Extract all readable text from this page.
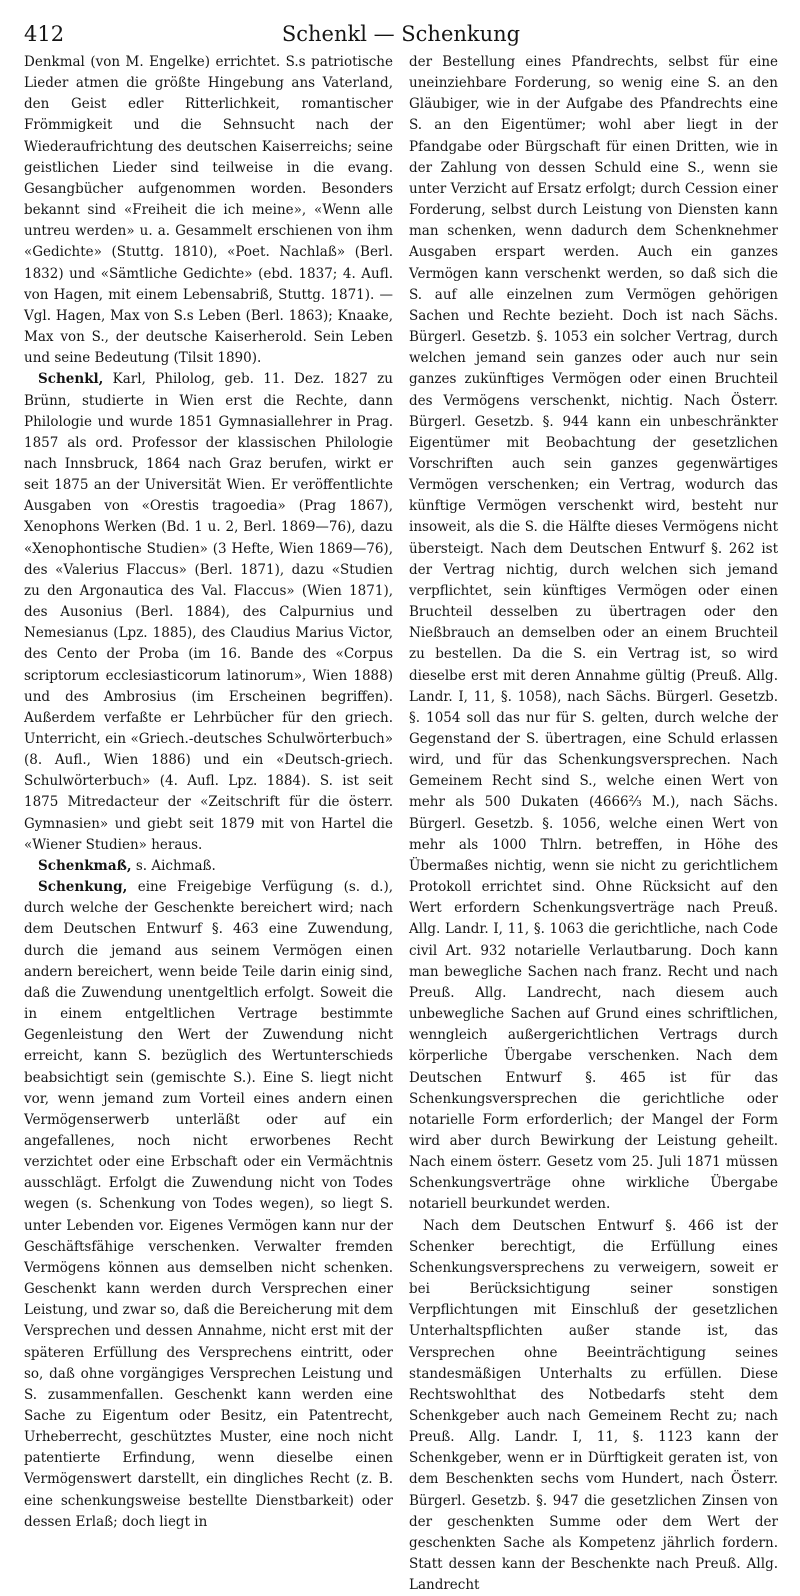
412	Schenkl — Schenkung

Denkmal (von M. Engelke) errichtet. S.s patriotische Lieder atmen die größte Hingebung ans Vaterland, den Geist edler Ritterlichkeit, romantischer Frömmigkeit und die Sehnsucht nach der Wiederaufrichtung des deutschen Kaiserreichs; seine geistlichen Lieder sind teilweise in die evang. Gesangbücher aufgenommen worden. Besonders bekannt sind «Freiheit die ich meine», «Wenn alle untreu werden» u. a. Gesammelt erschienen von ihm «Gedichte» (Stuttg. 1810), «Poet. Nachlaß» (Berl. 1832) und «Sämtliche Gedichte» (ebd. 1837; 4. Aufl. von Hagen, mit einem Lebensabriß, Stuttg. 1871). — Vgl. Hagen, Max von S.s Leben (Berl. 1863); Knaake, Max von S., der deutsche Kaiserherold. Sein Leben und seine Bedeutung (Tilsit 1890).

Schenkl, Karl, Philolog, geb. 11. Dez. 1827 zu Brünn, studierte in Wien erst die Rechte, dann Philologie und wurde 1851 Gymnasiallehrer in Prag. 1857 als ord. Professor der klassischen Philologie nach Innsbruck, 1864 nach Graz berufen, wirkt er seit 1875 an der Universität Wien. Er veröffentlichte Ausgaben von «Orestis tragoedia» (Prag 1867), Xenophons Werken (Bd. 1 u. 2, Berl. 1869—76), dazu «Xenophontische Studien» (3 Hefte, Wien 1869—76), des «Valerius Flaccus» (Berl. 1871), dazu «Studien zu den Argonautica des Val. Flaccus» (Wien 1871), des Ausonius (Berl. 1884), des Calpurnius und Nemesianus (Lpz. 1885), des Claudius Marius Victor, des Cento der Proba (im 16. Bande des «Corpus scriptorum ecclesiasticorum latinorum», Wien 1888) und des Ambrosius (im Erscheinen begriffen). Außerdem verfaßte er Lehrbücher für den griech. Unterricht, ein «Griech.-deutsches Schulwörterbuch» (8. Aufl., Wien 1886) und ein «Deutsch-griech. Schulwörterbuch» (4. Aufl. Lpz. 1884). S. ist seit 1875 Mitredacteur der «Zeitschrift für die österr. Gymnasien» und giebt seit 1879 mit von Hartel die «Wiener Studien» heraus.

Schenkmaß, s. Aichmaß.

Schenkung, eine Freigebige Verfügung (s. d.), durch welche der Geschenkte bereichert wird; nach dem Deutschen Entwurf §. 463 eine Zuwendung, durch die jemand aus seinem Vermögen einen andern bereichert, wenn beide Teile darin einig sind, daß die Zuwendung unentgeltlich erfolgt. Soweit die in einem entgeltlichen Vertrage bestimmte Gegenleistung den Wert der Zuwendung nicht erreicht, kann S. bezüglich des Wertunterschieds beabsichtigt sein (gemischte S.). Eine S. liegt nicht vor, wenn jemand zum Vorteil eines andern einen Vermögenserwerb unterläßt oder auf ein angefallenes, noch nicht erworbenes Recht verzichtet oder eine Erbschaft oder ein Vermächtnis ausschlägt. Erfolgt die Zuwendung nicht von Todes wegen (s. Schenkung von Todes wegen), so liegt S. unter Lebenden vor. Eigenes Vermögen kann nur der Geschäftsfähige verschenken. Verwalter fremden Vermögens können aus demselben nicht schenken. Geschenkt kann werden durch Versprechen einer Leistung, und zwar so, daß die Bereicherung mit dem Versprechen und dessen Annahme, nicht erst mit der späteren Erfüllung des Versprechens eintritt, oder so, daß ohne vorgängiges Versprechen Leistung und S. zusammenfallen. Geschenkt kann werden eine Sache zu Eigentum oder Besitz, ein Patentrecht, Urheberrecht, geschütztes Muster, eine noch nicht patentierte Erfindung, wenn dieselbe einen Vermögenswert darstellt, ein dingliches Recht (z. B. eine schenkungsweise bestellte Dienstbarkeit) oder dessen Erlaß; doch liegt in

der Bestellung eines Pfandrechts, selbst für eine uneinziehbare Forderung, so wenig eine S. an den Gläubiger, wie in der Aufgabe des Pfandrechts eine S. an den Eigentümer; wohl aber liegt in der Pfandgabe oder Bürgschaft für einen Dritten, wie in der Zahlung von dessen Schuld eine S., wenn sie unter Verzicht auf Ersatz erfolgt; durch Cession einer Forderung, selbst durch Leistung von Diensten kann man schenken, wenn dadurch dem Schenknehmer Ausgaben erspart werden. Auch ein ganzes Vermögen kann verschenkt werden, so daß sich die S. auf alle einzelnen zum Vermögen gehörigen Sachen und Rechte bezieht. Doch ist nach Sächs. Bürgerl. Gesetzb. §. 1053 ein solcher Vertrag, durch welchen jemand sein ganzes oder auch nur sein ganzes zukünftiges Vermögen oder einen Bruchteil des Vermögens verschenkt, nichtig. Nach Österr. Bürgerl. Gesetzb. §. 944 kann ein unbeschränkter Eigentümer mit Beobachtung der gesetzlichen Vorschriften auch sein ganzes gegenwärtiges Vermögen verschenken; ein Vertrag, wodurch das künftige Vermögen verschenkt wird, besteht nur insoweit, als die S. die Hälfte dieses Vermögens nicht übersteigt. Nach dem Deutschen Entwurf §. 262 ist der Vertrag nichtig, durch welchen sich jemand verpflichtet, sein künftiges Vermögen oder einen Bruchteil desselben zu übertragen oder den Nießbrauch an demselben oder an einem Bruchteil zu bestellen. Da die S. ein Vertrag ist, so wird dieselbe erst mit deren Annahme gültig (Preuß. Allg. Landr. I, 11, §. 1058), nach Sächs. Bürgerl. Gesetzb. §. 1054 soll das nur für S. gelten, durch welche der Gegenstand der S. übertragen, eine Schuld erlassen wird, und für das Schenkungsversprechen. Nach Gemeinem Recht sind S., welche einen Wert von mehr als 500 Dukaten (4666⅔ M.), nach Sächs. Bürgerl. Gesetzb. §. 1056, welche einen Wert von mehr als 1000 Thlrn. betreffen, in Höhe des Übermaßes nichtig, wenn sie nicht zu gerichtlichem Protokoll errichtet sind. Ohne Rücksicht auf den Wert erfordern Schenkungsverträge nach Preuß. Allg. Landr. I, 11, §. 1063 die gerichtliche, nach Code civil Art. 932 notarielle Verlautbarung. Doch kann man bewegliche Sachen nach franz. Recht und nach Preuß. Allg. Landrecht, nach diesem auch unbewegliche Sachen auf Grund eines schriftlichen, wenngleich außergerichtlichen Vertrags durch körperliche Übergabe verschenken. Nach dem Deutschen Entwurf §. 465 ist für das Schenkungsversprechen die gerichtliche oder notarielle Form erforderlich; der Mangel der Form wird aber durch Bewirkung der Leistung geheilt. Nach einem österr. Gesetz vom 25. Juli 1871 müssen Schenkungsverträge ohne wirkliche Übergabe notariell beurkundet werden.

Nach dem Deutschen Entwurf §. 466 ist der Schenker berechtigt, die Erfüllung eines Schenkungsversprechens zu verweigern, soweit er bei Berücksichtigung seiner sonstigen Verpflichtungen mit Einschluß der gesetzlichen Unterhaltspflichten außer stande ist, das Versprechen ohne Beeinträchtigung seines standesmäßigen Unterhalts zu erfüllen. Diese Rechtswohlthat des Notbedarfs steht dem Schenkgeber auch nach Gemeinem Recht zu; nach Preuß. Allg. Landr. I, 11, §. 1123 kann der Schenkgeber, wenn er in Dürftigkeit geraten ist, von dem Beschenkten sechs vom Hundert, nach Österr. Bürgerl. Gesetzb. §. 947 die gesetzlichen Zinsen von der geschenkten Summe oder dem Wert der geschenkten Sache als Kompetenz jährlich fordern. Statt dessen kann der Beschenkte nach Preuß. Allg. Landrecht
